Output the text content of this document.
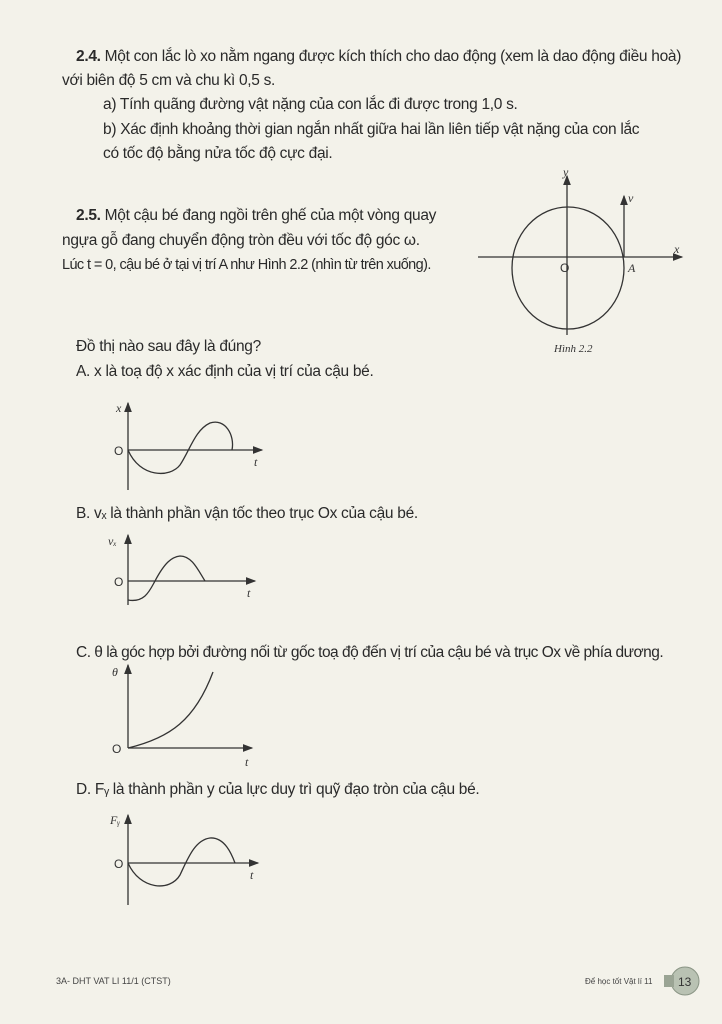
2.4. Một con lắc lò xo nằm ngang được kích thích cho dao động (xem là dao động điều hoà)
với biên độ 5 cm và chu kì 0,5 s.
a) Tính quãng đường vật nặng của con lắc đi được trong 1,0 s.
b) Xác định khoảng thời gian ngắn nhất giữa hai lần liên tiếp vật nặng của con lắc
có tốc độ bằng nửa tốc độ cực đại.
2.5. Một cậu bé đang ngồi trên ghế của một vòng quay
ngựa gỗ đang chuyển động tròn đều với tốc độ góc ω.
Lúc t = 0, cậu bé ở tại vị trí A như Hình 2.2 (nhìn từ trên xuống).
Đồ thị nào sau đây là đúng?
y
x
v
O	A
Hình 2.2
x
O
t
vₓ
O
t
θ
O
t
Fᵧ
O
t
13
A. x là toạ độ x xác định của vị trí của cậu bé.
B. vₓ là thành phần vận tốc theo trục Ox của cậu bé.
C. θ là góc hợp bởi đường nối từ gốc toạ độ đến vị trí của cậu bé và trục Ox về phía dương.
D. Fᵧ là thành phần y của lực duy trì quỹ đạo tròn của cậu bé.
3A- DHT VAT LI 11/1 (CTST)	Để học tốt Vật lí 11
